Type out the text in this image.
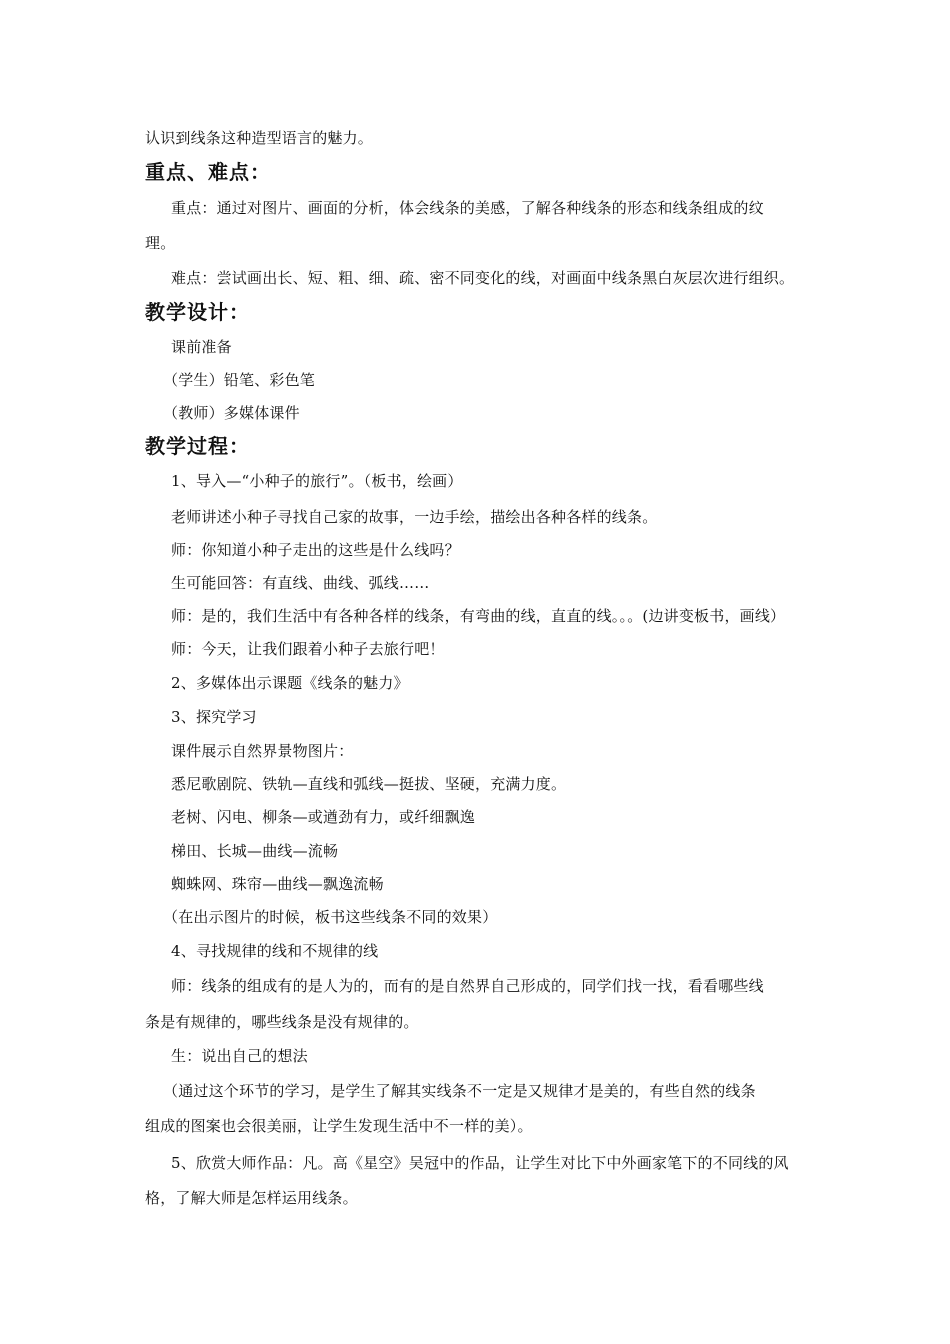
认识到线条这种造型语言的魅力。
重点、难点：
重点：通过对图片、画面的分析，体会线条的美感，了解各种线条的形态和线条组成的纹
理。
难点：尝试画出长、短、粗、细、疏、密不同变化的线，对画面中线条黑白灰层次进行组织。
教学设计：
课前准备
（学生）铅笔、彩色笔
（教师）多媒体课件
教学过程：
1、导入—“小种子的旅行”。（板书，绘画）
老师讲述小种子寻找自己家的故事，一边手绘，描绘出各种各样的线条。
师：你知道小种子走出的这些是什么线吗？
生可能回答：有直线、曲线、弧线……
师：是的，我们生活中有各种各样的线条，有弯曲的线，直直的线。。。(边讲变板书，画线）
师：今天，让我们跟着小种子去旅行吧！
2、多媒体出示课题《线条的魅力》
3、探究学习
课件展示自然界景物图片：
悉尼歌剧院、铁轨—直线和弧线—挺拔、坚硬，充满力度。
老树、闪电、柳条—或遒劲有力，或纤细飘逸
梯田、长城—曲线—流畅
蜘蛛网、珠帘—曲线—飘逸流畅
（在出示图片的时候，板书这些线条不同的效果）
4、寻找规律的线和不规律的线
师：线条的组成有的是人为的，而有的是自然界自己形成的，同学们找一找，看看哪些线
条是有规律的，哪些线条是没有规律的。
生：说出自己的想法
（通过这个环节的学习，是学生了解其实线条不一定是又规律才是美的，有些自然的线条
组成的图案也会很美丽，让学生发现生活中不一样的美）。
5、欣赏大师作品：凡。高《星空》吴冠中的作品，让学生对比下中外画家笔下的不同线的风
格，了解大师是怎样运用线条。
